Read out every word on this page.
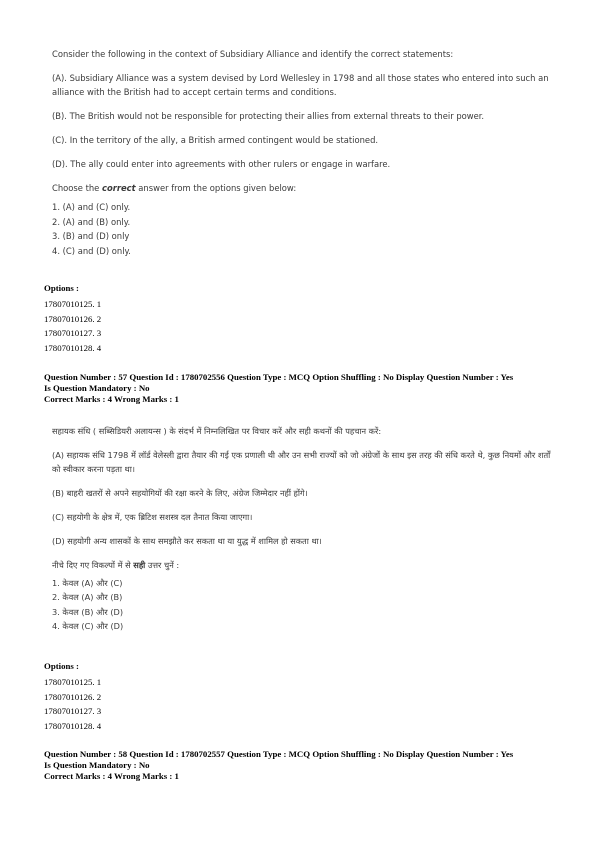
Consider the following in the context of Subsidiary Alliance and identify the correct statements:

(A). Subsidiary Alliance was a system devised by Lord Wellesley in 1798 and all those states who entered into such an alliance with the British had to accept certain terms and conditions.

(B). The British would not be responsible for protecting their allies from external threats to their power.

(C). In the territory of the ally, a British armed contingent would be stationed.

(D). The ally could enter into agreements with other rulers or engage in warfare.

Choose the correct answer from the options given below:

1. (A) and (C) only.
2. (A) and (B) only.
3. (B) and (D) only
4. (C) and (D) only.
Options :
17807010125. 1
17807010126. 2
17807010127. 3
17807010128. 4
Question Number : 57 Question Id : 1780702556 Question Type : MCQ Option Shuffling : No Display Question Number : Yes
Is Question Mandatory : No
Correct Marks : 4 Wrong Marks : 1

सहायक संधि ( सब्सिडियरी अलायन्स ) के संदर्भ में निम्नलिखित पर विचार करें और सही कथनों की पहचान करें:

(A) सहायक संधि 1798 में लॉर्ड वेलेस्ली द्वारा तैयार की गई एक प्रणाली थी और उन सभी राज्यों को जो अंग्रेजों के साथ इस तरह की संधि करते थे, कुछ नियमों और शर्तों को स्वीकार करना पड़ता था।

(B) बाहरी खतरों से अपने सहयोगियों की रक्षा करने के लिए, अंग्रेज जिम्मेदार नहीं होंगे।

(C) सहयोगी के क्षेत्र में, एक ब्रिटिश सशस्त्र दल तैनात किया जाएगा।

(D) सहयोगी अन्य शासकों के साथ समझौते कर सकता था या युद्ध में शामिल हो सकता था।

नीचे दिए गए विकल्पों में से सही उत्तर चुनें :

1. केवल (A) और (C)
2. केवल (A) और (B)
3. केवल (B) और (D)
4. केवल (C) और (D)
Options :
17807010125. 1
17807010126. 2
17807010127. 3
17807010128. 4
Question Number : 58 Question Id : 1780702557 Question Type : MCQ Option Shuffling : No Display Question Number : Yes
Is Question Mandatory : No
Correct Marks : 4 Wrong Marks : 1
